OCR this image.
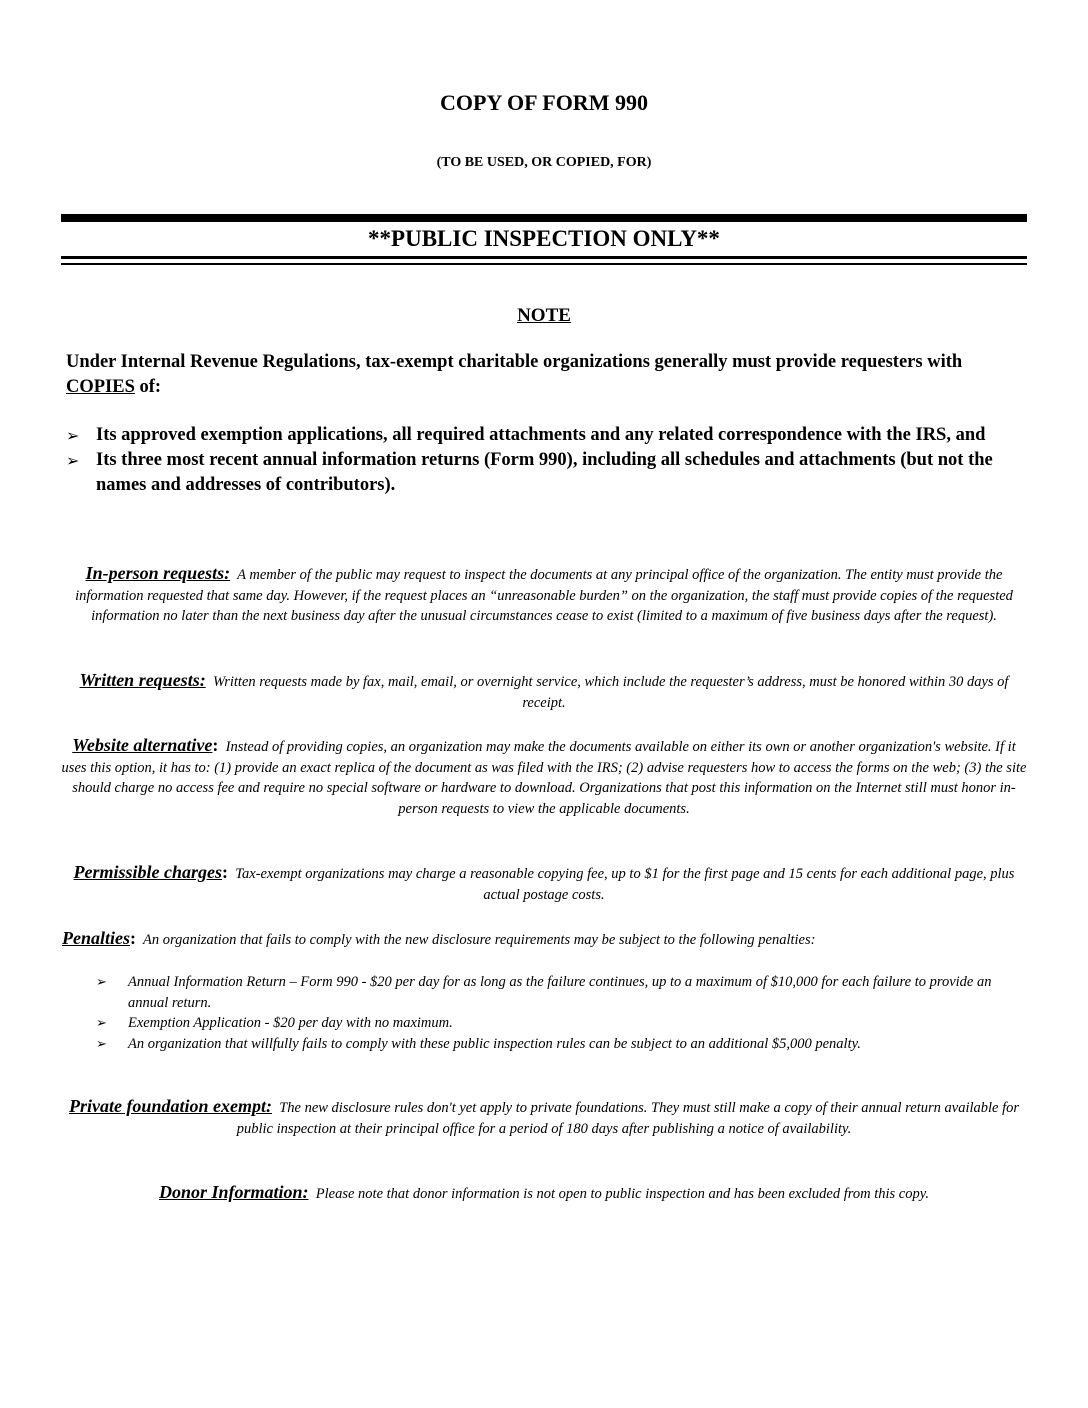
COPY OF FORM 990
(TO BE USED, OR COPIED, FOR)
**PUBLIC INSPECTION ONLY**
NOTE
Under Internal Revenue Regulations, tax-exempt charitable organizations generally must provide requesters with COPIES of:
➢ Its approved exemption applications, all required attachments and any related correspondence with the IRS, and
➢ Its three most recent annual information returns (Form 990), including all schedules and attachments (but not the names and addresses of contributors).
In-person requests: A member of the public may request to inspect the documents at any principal office of the organization. The entity must provide the information requested that same day. However, if the request places an “unreasonable burden” on the organization, the staff must provide copies of the requested information no later than the next business day after the unusual circumstances cease to exist (limited to a maximum of five business days after the request).
Written requests: Written requests made by fax, mail, email, or overnight service, which include the requester’s address, must be honored within 30 days of receipt.
Website alternative: Instead of providing copies, an organization may make the documents available on either its own or another organization's website. If it uses this option, it has to: (1) provide an exact replica of the document as was filed with the IRS; (2) advise requesters how to access the forms on the web; (3) the site should charge no access fee and require no special software or hardware to download. Organizations that post this information on the Internet still must honor in-person requests to view the applicable documents.
Permissible charges: Tax-exempt organizations may charge a reasonable copying fee, up to $1 for the first page and 15 cents for each additional page, plus actual postage costs.
Penalties: An organization that fails to comply with the new disclosure requirements may be subject to the following penalties:
➢ Annual Information Return – Form 990 - $20 per day for as long as the failure continues, up to a maximum of $10,000 for each failure to provide an annual return.
➢ Exemption Application - $20 per day with no maximum.
➢ An organization that willfully fails to comply with these public inspection rules can be subject to an additional $5,000 penalty.
Private foundation exempt: The new disclosure rules don't yet apply to private foundations. They must still make a copy of their annual return available for public inspection at their principal office for a period of 180 days after publishing a notice of availability.
Donor Information: Please note that donor information is not open to public inspection and has been excluded from this copy.
